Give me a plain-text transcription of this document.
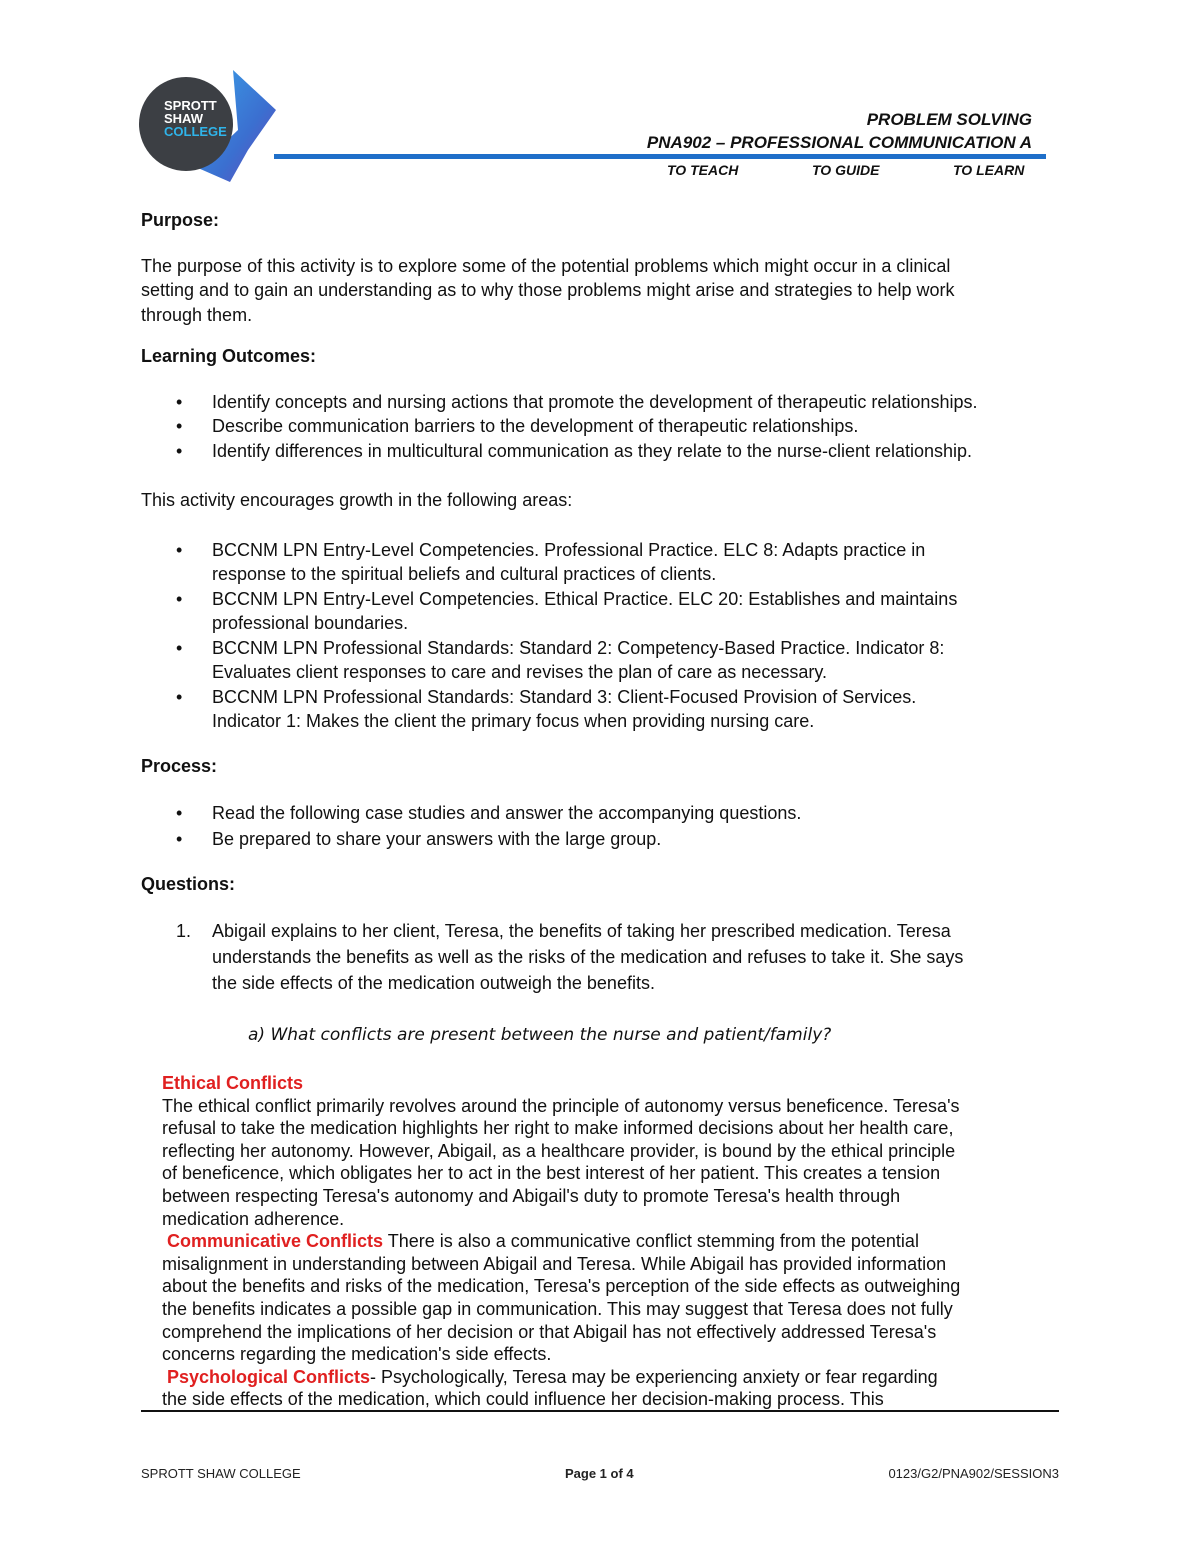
SPROTT
SHAW
COLLEGE
PROBLEM SOLVING
PNA902 – PROFESSIONAL COMMUNICATION A
TO TEACH	TO GUIDE	TO LEARN
Purpose:
The purpose of this activity is to explore some of the potential problems which might occur in a clinical
setting and to gain an understanding as to why those problems might arise and strategies to help work
through them.
Learning Outcomes:
• Identify concepts and nursing actions that promote the development of therapeutic relationships.
• Describe communication barriers to the development of therapeutic relationships.
• Identify differences in multicultural communication as they relate to the nurse-client relationship.
This activity encourages growth in the following areas:
• BCCNM LPN Entry-Level Competencies. Professional Practice. ELC 8: Adapts practice in
response to the spiritual beliefs and cultural practices of clients.
• BCCNM LPN Entry-Level Competencies. Ethical Practice. ELC 20: Establishes and maintains
professional boundaries.
• BCCNM LPN Professional Standards: Standard 2: Competency-Based Practice. Indicator 8:
Evaluates client responses to care and revises the plan of care as necessary.
• BCCNM LPN Professional Standards: Standard 3: Client-Focused Provision of Services.
Indicator 1: Makes the client the primary focus when providing nursing care.
Process:
• Read the following case studies and answer the accompanying questions.
• Be prepared to share your answers with the large group.
Questions:
1. Abigail explains to her client, Teresa, the benefits of taking her prescribed medication. Teresa
understands the benefits as well as the risks of the medication and refuses to take it. She says
the side effects of the medication outweigh the benefits.
a) What conflicts are present between the nurse and patient/family?
Ethical Conflicts
The ethical conflict primarily revolves around the principle of autonomy versus beneficence. Teresa's
refusal to take the medication highlights her right to make informed decisions about her health care,
reflecting her autonomy. However, Abigail, as a healthcare provider, is bound by the ethical principle
of beneficence, which obligates her to act in the best interest of her patient. This creates a tension
between respecting Teresa's autonomy and Abigail's duty to promote Teresa's health through
medication adherence.
Communicative Conflicts There is also a communicative conflict stemming from the potential
misalignment in understanding between Abigail and Teresa. While Abigail has provided information
about the benefits and risks of the medication, Teresa's perception of the side effects as outweighing
the benefits indicates a possible gap in communication. This may suggest that Teresa does not fully
comprehend the implications of her decision or that Abigail has not effectively addressed Teresa's
concerns regarding the medication's side effects.
Psychological Conflicts- Psychologically, Teresa may be experiencing anxiety or fear regarding
the side effects of the medication, which could influence her decision-making process. This
SPROTT SHAW COLLEGE	Page 1 of 4	0123/G2/PNA902/SESSION3
